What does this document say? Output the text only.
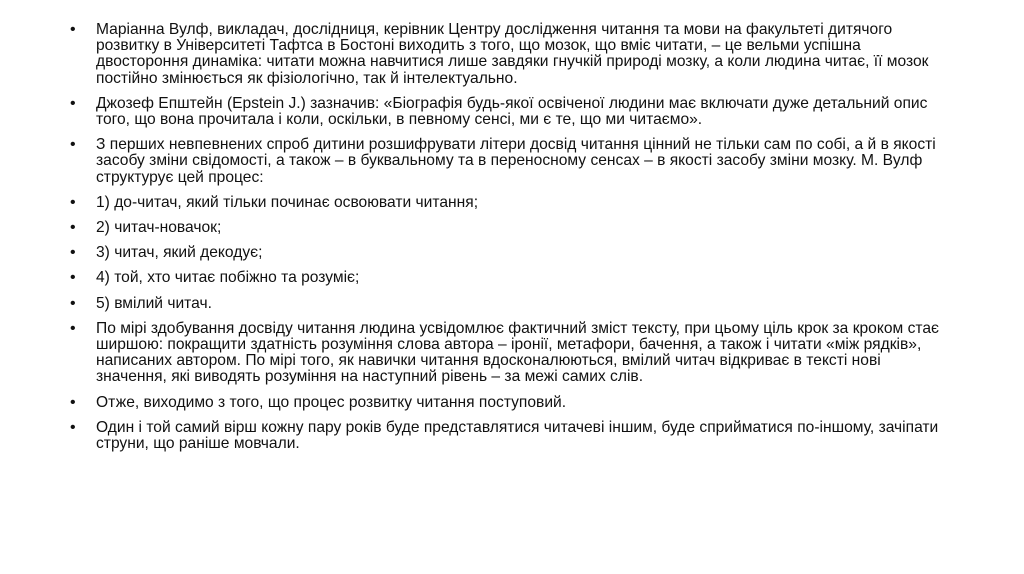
• Маріанна Вулф, викладач, дослідниця, керівник Центру дослідження читання та мови на факультеті дитячого розвитку в Університеті Тафтса в Бостоні виходить з того, що мозок, що вміє читати, – це вельми успішна двостороння динаміка: читати можна навчитися лише завдяки гнучкій природі мозку, а коли людина читає, її мозок постійно змінюється як фізіологічно, так й інтелектуально.
• Джозеф Епштейн (Epstein J.) зазначив: «Біографія будь-якої освіченої людини має включати дуже детальний опис того, що вона прочитала і коли, оскільки, в певному сенсі, ми є те, що ми читаємо».
• З перших невпевнених спроб дитини розшифрувати літери досвід читання цінний не тільки сам по собі, а й в якості засобу зміни свідомості, а також – в буквальному та в переносному сенсах – в якості засобу зміни мозку. М. Вулф структурує цей процес:
• 1) до-читач, який тільки починає освоювати читання;
• 2) читач-новачок;
• 3) читач, який декодує;
• 4) той, хто читає побіжно та розуміє;
• 5) вмілий читач.
• По мірі здобування досвіду читання людина усвідомлює фактичний зміст тексту, при цьому ціль крок за кроком стає ширшою: покращити здатність розуміння слова автора – іронії, метафори, бачення, а також і читати «між рядків», написаних автором. По мірі того, як навички читання вдосконалюються, вмілий читач відкриває в тексті нові значення, які виводять розуміння на наступний рівень – за межі самих слів.
• Отже, виходимо з того, що процес розвитку читання поступовий.
• Один і той самий вірш кожну пару років буде представлятися читачеві іншим, буде сприйматися по-іншому, зачіпати струни, що раніше мовчали.
